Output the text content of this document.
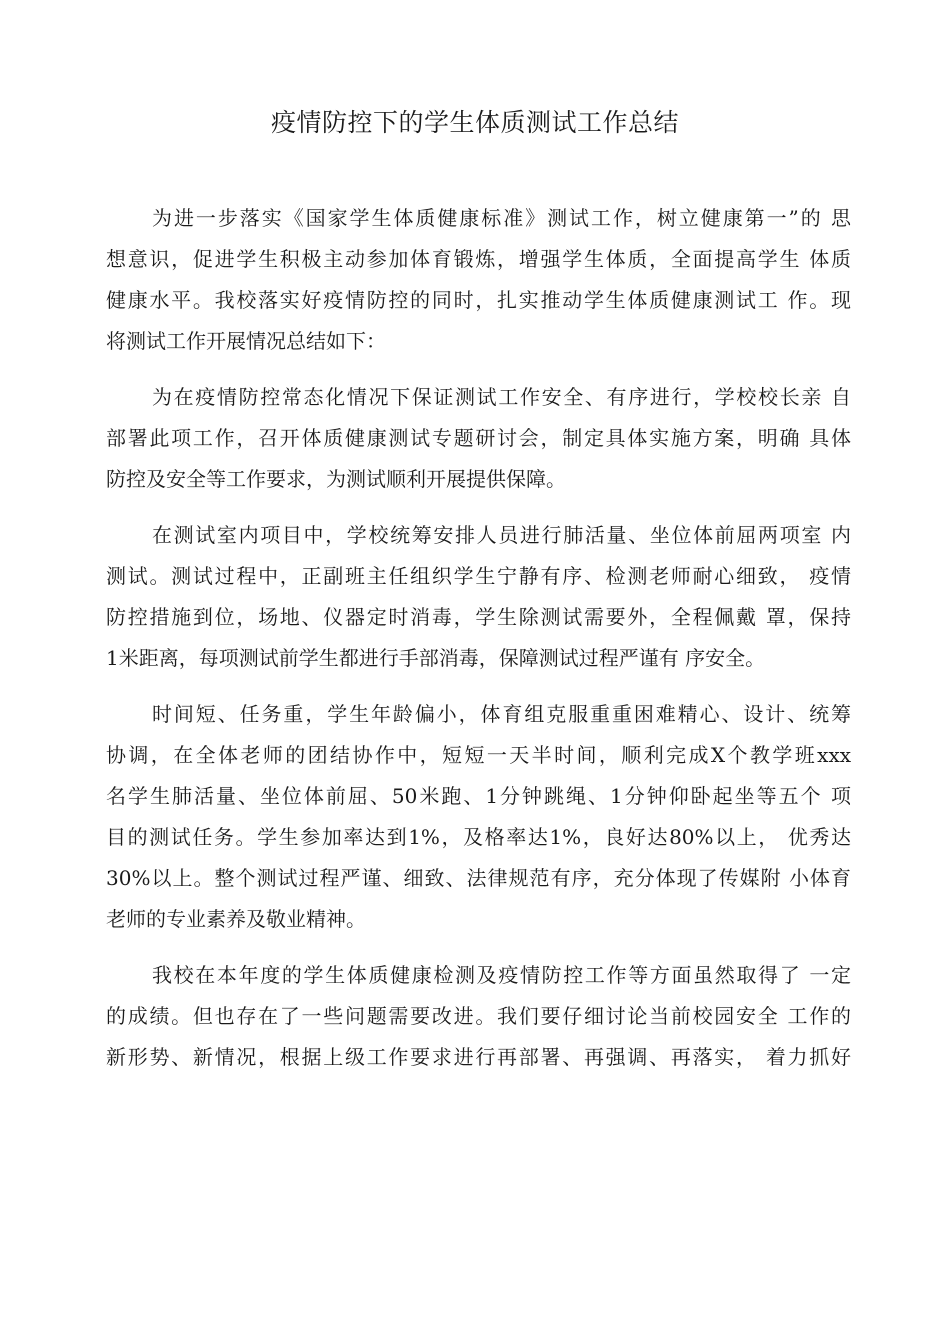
疫情防控下的学生体质测试工作总结
为进一步落实《国家学生体质健康标准》测试工作，树立健康第一”的 思
想意识，促进学生积极主动参加体育锻炼，增强学生体质，全面提高学生 体质
健康水平。我校落实好疫情防控的同时，扎实推动学生体质健康测试工 作。现
将测试工作开展情况总结如下：
为在疫情防控常态化情况下保证测试工作安全、有序进行，学校校长亲 自
部署此项工作，召开体质健康测试专题研讨会，制定具体实施方案，明确 具体
防控及安全等工作要求，为测试顺利开展提供保障。
在测试室内项目中，学校统筹安排人员进行肺活量、坐位体前屈两项室 内
测试。测试过程中，正副班主任组织学生宁静有序、检测老师耐心细致， 疫情
防控措施到位，场地、仪器定时消毒，学生除测试需要外，全程佩戴 罩，保持
1米距离，每项测试前学生都进行手部消毒，保障测试过程严谨有 序安全。
时间短、任务重，学生年龄偏小，体育组克服重重困难精心、设计、统筹
协调，在全体老师的团结协作中，短短一天半时间，顺利完成X个教学班xxx
名学生肺活量、坐位体前屈、50米跑、1分钟跳绳、1分钟仰卧起坐等五个 项
目的测试任务。学生参加率达到1%，及格率达1%，良好达80%以上， 优秀达
30%以上。整个测试过程严谨、细致、法律规范有序，充分体现了传媒附 小体育
老师的专业素养及敬业精神。
我校在本年度的学生体质健康检测及疫情防控工作等方面虽然取得了 一定
的成绩。但也存在了一些问题需要改进。我们要仔细讨论当前校园安全 工作的
新形势、新情况，根据上级工作要求进行再部署、再强调、再落实， 着力抓好
